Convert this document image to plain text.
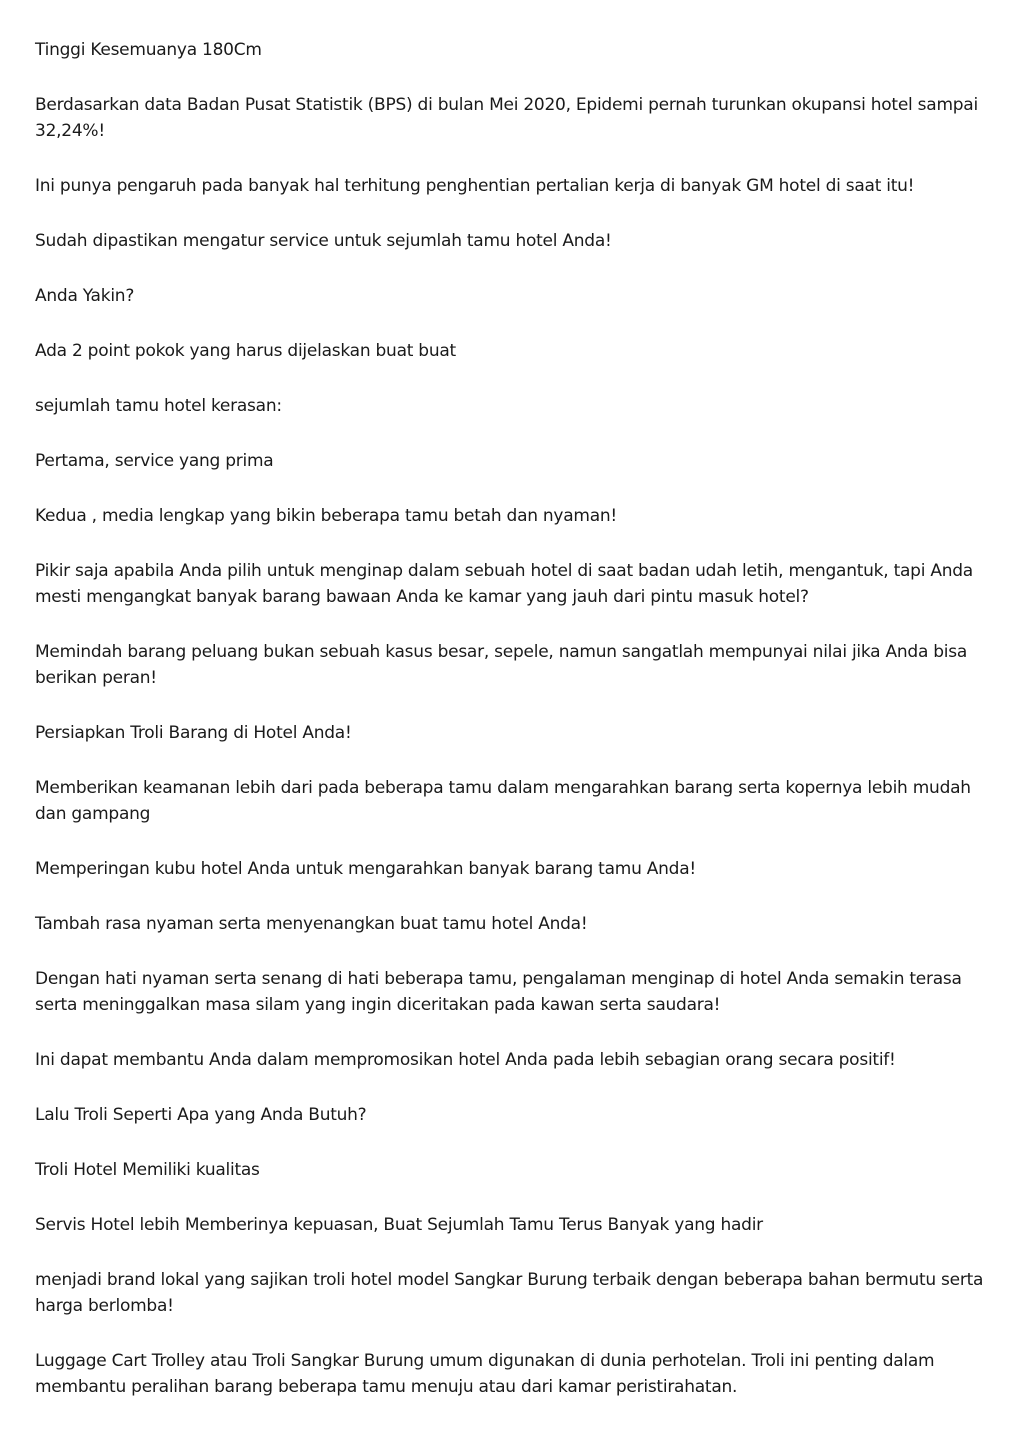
Tinggi Kesemuanya 180Cm

Berdasarkan data Badan Pusat Statistik (BPS) di bulan Mei 2020, Epidemi pernah turunkan okupansi hotel sampai 32,24%!

Ini punya pengaruh pada banyak hal terhitung penghentian pertalian kerja di banyak GM hotel di saat itu!

Sudah dipastikan mengatur service untuk sejumlah tamu hotel Anda!

Anda Yakin?

Ada 2 point pokok yang harus dijelaskan buat buat

sejumlah tamu hotel kerasan:

Pertama, service yang prima

Kedua , media lengkap yang bikin beberapa tamu betah dan nyaman!

Pikir saja apabila Anda pilih untuk menginap dalam sebuah hotel di saat badan udah letih, mengantuk, tapi Anda mesti mengangkat banyak barang bawaan Anda ke kamar yang jauh dari pintu masuk hotel?

Memindah barang peluang bukan sebuah kasus besar, sepele, namun sangatlah mempunyai nilai jika Anda bisa berikan peran!

Persiapkan Troli Barang di Hotel Anda!

Memberikan keamanan lebih dari pada beberapa tamu dalam mengarahkan barang serta kopernya lebih mudah dan gampang

Memperingan kubu hotel Anda untuk mengarahkan banyak barang tamu Anda!

Tambah rasa nyaman serta menyenangkan buat tamu hotel Anda!

Dengan hati nyaman serta senang di hati beberapa tamu, pengalaman menginap di hotel Anda semakin terasa serta meninggalkan masa silam yang ingin diceritakan pada kawan serta saudara!

Ini dapat membantu Anda dalam mempromosikan hotel Anda pada lebih sebagian orang secara positif!

Lalu Troli Seperti Apa yang Anda Butuh?

Troli Hotel Memiliki kualitas

Servis Hotel lebih Memberinya kepuasan, Buat Sejumlah Tamu Terus Banyak yang hadir

menjadi brand lokal yang sajikan troli hotel model Sangkar Burung terbaik dengan beberapa bahan bermutu serta harga berlomba!

Luggage Cart Trolley atau Troli Sangkar Burung umum digunakan di dunia perhotelan. Troli ini penting dalam membantu peralihan barang beberapa tamu menuju atau dari kamar peristirahatan.
